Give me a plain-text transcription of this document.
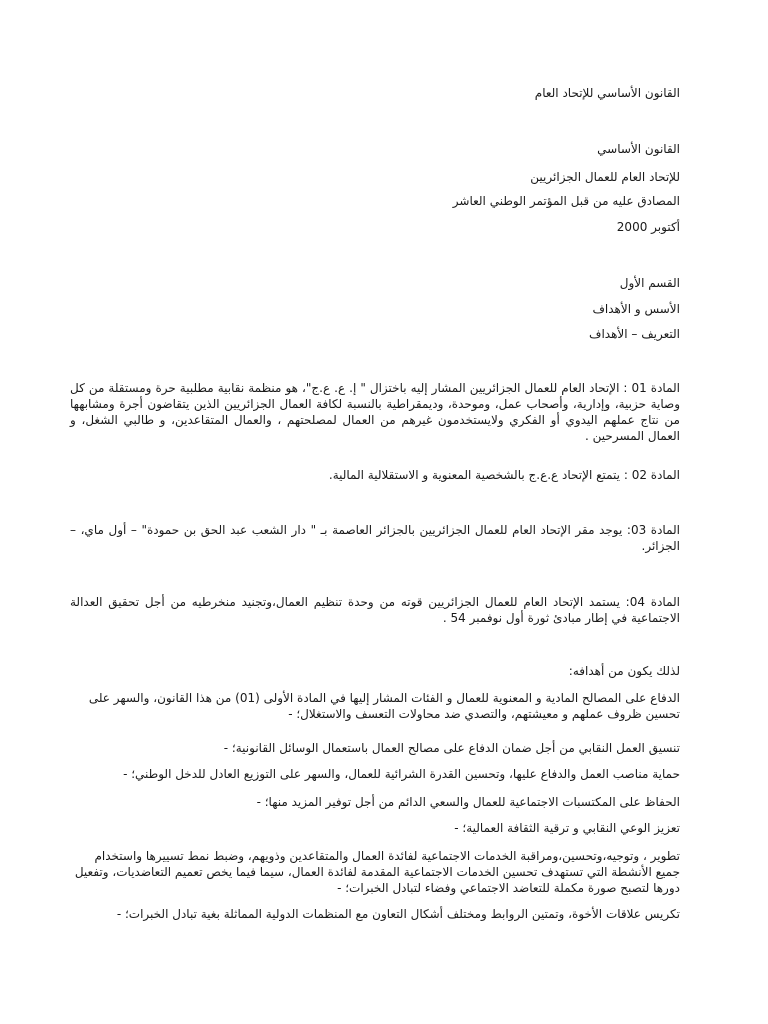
القانون الأساسي للإتحاد العام

القانون الأساسي

للإتحاد العام للعمال الجزائريين

المصادق عليه من قبل المؤتمر الوطني العاشر

أكتوبر 2000

القسم الأول

الأسس و الأهداف

التعريف – الأهداف

المادة 01 : الإتحاد العام للعمال الجزائريين المشار إليه باختزال " إ. ع. ع.ج"، هو منظمة نقابية مطلبية حرة ومستقلة من كل وصاية حزبية، وإدارية، وأصحاب عمل، وموحدة، وديمقراطية بالنسبة لكافة العمال الجزائريين الذين يتقاضون أجرة ومشابهها من نتاج عملهم اليدوي أو الفكري ولايستخدمون غيرهم من العمال لمصلحتهم ، والعمال المتقاعدين، و طالبي الشغل، و العمال المسرحين .

المادة 02 : يتمتع الإتحاد ع.ع.ج بالشخصية المعنوية و الاستقلالية المالية.

المادة 03: يوجد مقر الإتحاد العام للعمال الجزائريين بالجزائر العاصمة بـ " دار الشعب عبد الحق بن حمودة" – أول ماي، – الجزائر.

المادة 04: يستمد الإتحاد العام للعمال الجزائريين قوته من وحدة تنظيم العمال،وتجنيد منخرطيه من أجل تحقيق العدالة الاجتماعية في إطار مبادئ ثورة أول نوفمبر 54 .

لذلك يكون من أهدافه:

الدفاع على المصالح المادية و المعنوية للعمال و الفئات المشار إليها في المادة الأولى (01) من هذا القانون، والسهر على تحسين ظروف عملهم و معيشتهم، والتصدي ضد محاولات التعسف والاستغلال؛ -

تنسيق العمل النقابي من أجل ضمان الدفاع على مصالح العمال باستعمال الوسائل القانونية؛ -

حماية مناصب العمل والدفاع عليها، وتحسين القدرة الشرائية للعمال، والسهر على التوزيع العادل للدخل الوطني؛ -

الحفاظ على المكتسبات الاجتماعية للعمال والسعي الدائم من أجل توفير المزيد منها؛ -

تعزيز الوعي النقابي و ترقية الثقافة العمالية؛ -

تطوير ، وتوجيه،وتحسين،ومراقبة الخدمات الاجتماعية لفائدة العمال والمتقاعدين وذويهم، وضبط نمط تسييرها واستخدام جميع الأنشطة التي تستهدف تحسين الخدمات الاجتماعية المقدمة لفائدة العمال، سيما فيما يخص تعميم التعاضديات، وتفعيل دورها لتصبح صورة مكملة للتعاضد الاجتماعي وفضاء لتبادل الخبرات؛ -

تكريس علاقات الأخوة، وتمتين الروابط ومختلف أشكال التعاون مع المنظمات الدولية المماثلة بغية تبادل الخبرات؛ -
